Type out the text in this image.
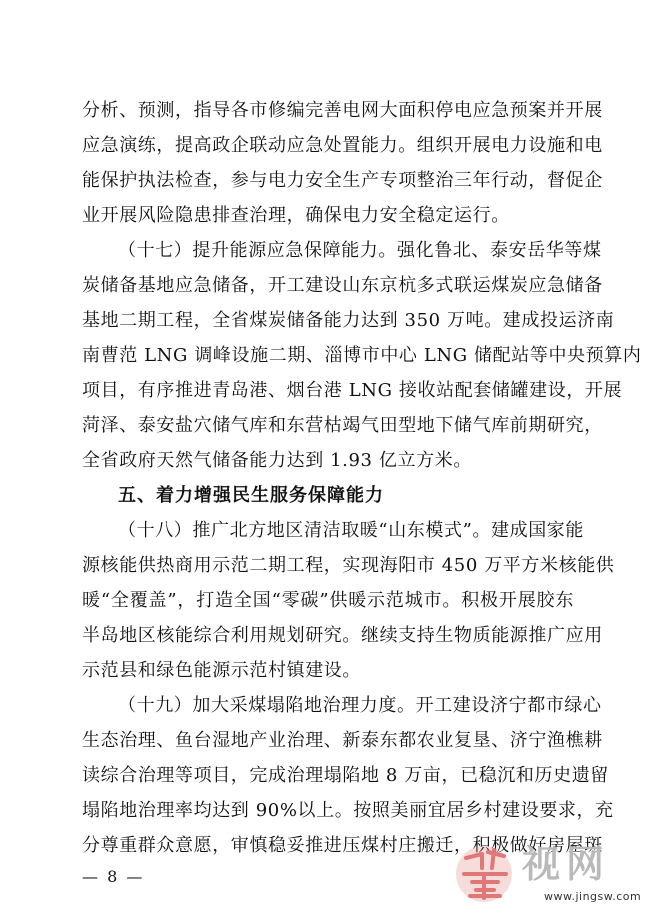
分析、预测，指导各市修编完善电网大面积停电应急预案并开展
应急演练，提高政企联动应急处置能力。组织开展电力设施和电
能保护执法检查，参与电力安全生产专项整治三年行动，督促企
业开展风险隐患排查治理，确保电力安全稳定运行。
（十七）提升能源应急保障能力。强化鲁北、泰安岳华等煤
炭储备基地应急储备，开工建设山东京杭多式联运煤炭应急储备
基地二期工程，全省煤炭储备能力达到 350 万吨。建成投运济南
南曹范 LNG 调峰设施二期、淄博市中心 LNG 储配站等中央预算内
项目，有序推进青岛港、烟台港 LNG 接收站配套储罐建设，开展
菏泽、泰安盐穴储气库和东营枯竭气田型地下储气库前期研究，
全省政府天然气储备能力达到 1.93 亿立方米。
五、着力增强民生服务保障能力
（十八）推广北方地区清洁取暖“山东模式”。建成国家能
源核能供热商用示范二期工程，实现海阳市 450 万平方米核能供
暖“全覆盖”，打造全国“零碳”供暖示范城市。积极开展胶东
半岛地区核能综合利用规划研究。继续支持生物质能源推广应用
示范县和绿色能源示范村镇建设。
（十九）加大采煤塌陷地治理力度。开工建设济宁都市绿心
生态治理、鱼台湿地产业治理、新泰东都农业复垦、济宁渔樵耕
读综合治理等项目，完成治理塌陷地 8 万亩，已稳沉和历史遗留
塌陷地治理率均达到 90%以上。按照美丽宜居乡村建设要求，充
分尊重群众意愿，审慎稳妥推进压煤村庄搬迁，积极做好房屋斑
— 8 —	视网
www.jingsw.com
